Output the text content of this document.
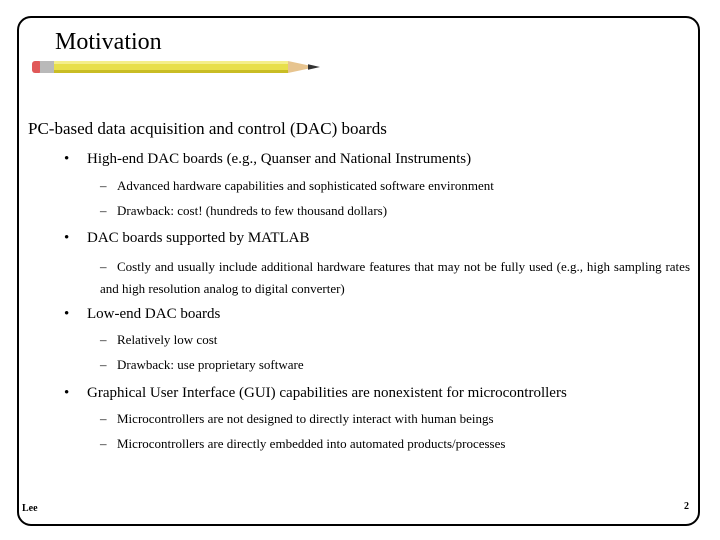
Motivation
PC-based data acquisition and control (DAC) boards
• High-end DAC boards (e.g., Quanser and National Instruments)
– Advanced hardware capabilities and sophisticated software environment
– Drawback: cost! (hundreds to few thousand dollars)
• DAC boards supported by MATLAB
– Costly and usually include additional hardware features that may not be fully used (e.g., high sampling rates and high resolution analog to digital converter)
• Low-end DAC boards
– Relatively low cost
– Drawback: use proprietary software
• Graphical User Interface (GUI) capabilities are nonexistent for microcontrollers
– Microcontrollers are not designed to directly interact with human beings
– Microcontrollers are directly embedded into automated products/processes
Lee	2
